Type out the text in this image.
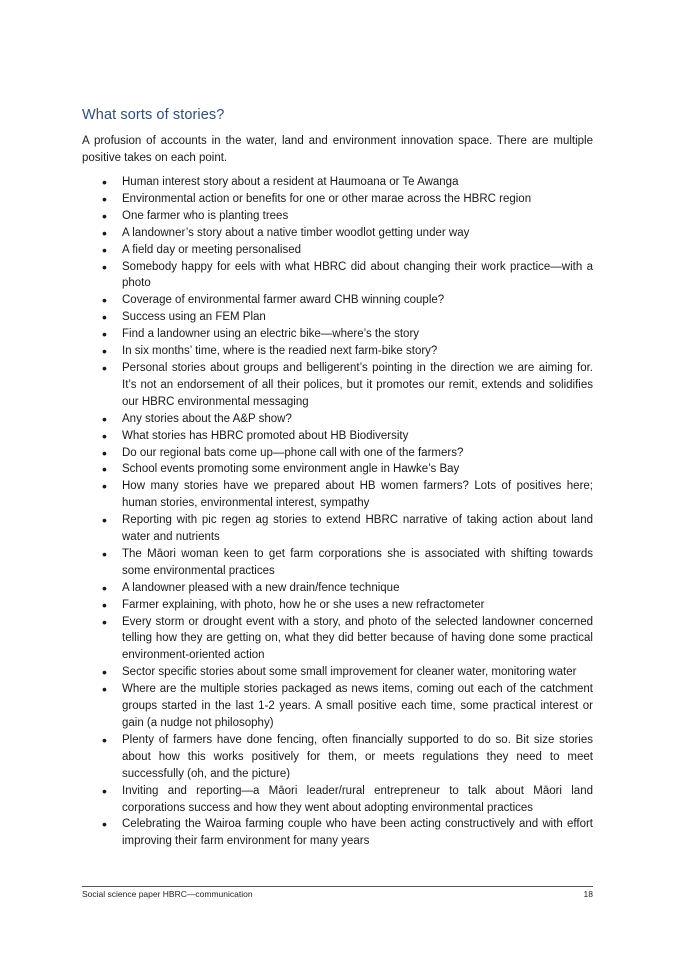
What sorts of stories?

A profusion of accounts in the water, land and environment innovation space. There are multiple positive takes on each point.

• Human interest story about a resident at Haumoana or Te Awanga
• Environmental action or benefits for one or other marae across the HBRC region
• One farmer who is planting trees
• A landowner’s story about a native timber woodlot getting under way
• A field day or meeting personalised
• Somebody happy for eels with what HBRC did about changing their work practice—with a photo
• Coverage of environmental farmer award CHB winning couple?
• Success using an FEM Plan
• Find a landowner using an electric bike—where’s the story
• In six months’ time, where is the readied next farm-bike story?
• Personal stories about groups and belligerent’s pointing in the direction we are aiming for. It’s not an endorsement of all their polices, but it promotes our remit, extends and solidifies our HBRC environmental messaging
• Any stories about the A&P show?
• What stories has HBRC promoted about HB Biodiversity
• Do our regional bats come up—phone call with one of the farmers?
• School events promoting some environment angle in Hawke’s Bay
• How many stories have we prepared about HB women farmers? Lots of positives here; human stories, environmental interest, sympathy
• Reporting with pic regen ag stories to extend HBRC narrative of taking action about land water and nutrients
• The Māori woman keen to get farm corporations she is associated with shifting towards some environmental practices
• A landowner pleased with a new drain/fence technique
• Farmer explaining, with photo, how he or she uses a new refractometer
• Every storm or drought event with a story, and photo of the selected landowner concerned telling how they are getting on, what they did better because of having done some practical environment-oriented action
• Sector specific stories about some small improvement for cleaner water, monitoring water
• Where are the multiple stories packaged as news items, coming out each of the catchment groups started in the last 1-2 years. A small positive each time, some practical interest or gain (a nudge not philosophy)
• Plenty of farmers have done fencing, often financially supported to do so. Bit size stories about how this works positively for them, or meets regulations they need to meet successfully (oh, and the picture)
• Inviting and reporting—a Māori leader/rural entrepreneur to talk about Māori land corporations success and how they went about adopting environmental practices
• Celebrating the Wairoa farming couple who have been acting constructively and with effort improving their farm environment for many years
Social science paper HBRC—communication	18
